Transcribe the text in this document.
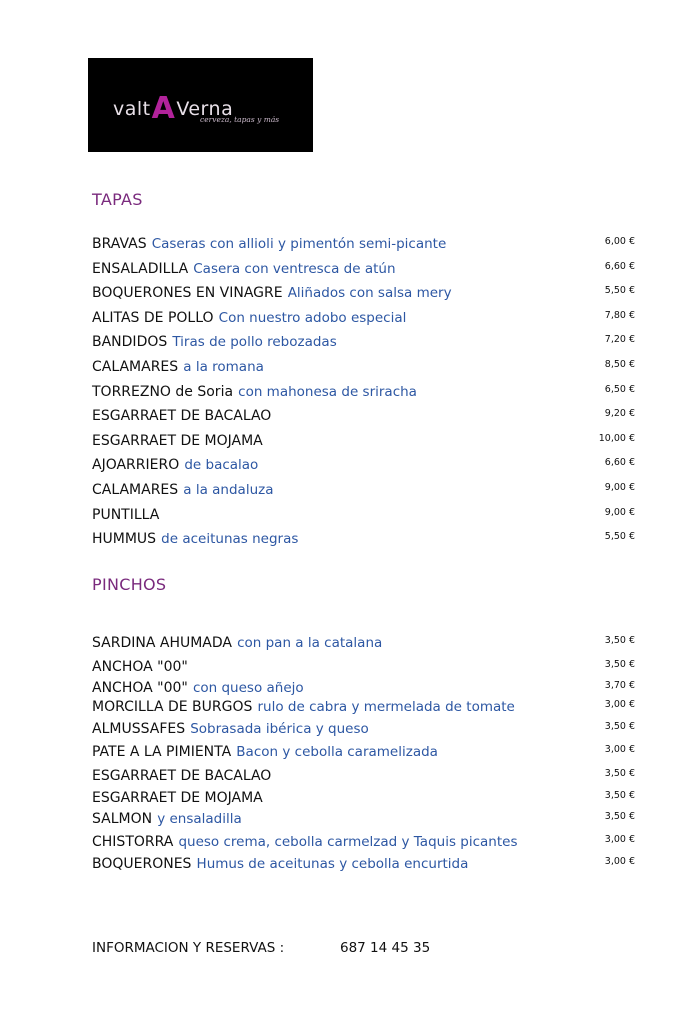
valtAVerna
cerveza, tapas y más
TAPAS
BRAVAS Caseras con allioli y pimentón semi-picante	6,00 €
ENSALADILLA Casera con ventresca de atún	6,60 €
BOQUERONES EN VINAGRE Aliñados con salsa mery	5,50 €
ALITAS DE POLLO Con nuestro adobo especial	7,80 €
BANDIDOS Tiras de pollo rebozadas	7,20 €
CALAMARES a la romana	8,50 €
TORREZNO de Soria con mahonesa de sriracha	6,50 €
ESGARRAET DE BACALAO	9,20 €
ESGARRAET DE MOJAMA	10,00 €
AJOARRIERO de bacalao	6,60 €
CALAMARES a la andaluza	9,00 €
PUNTILLA	9,00 €
HUMMUS de aceitunas negras	5,50 €
PINCHOS
SARDINA AHUMADA con pan a la catalana	3,50 €
ANCHOA "00"	3,50 €
ANCHOA "00" con queso añejo	3,70 €
MORCILLA DE BURGOS rulo de cabra y mermelada de tomate	3,00 €
ALMUSSAFES Sobrasada ibérica y queso	3,50 €
PATE A LA PIMIENTA Bacon y cebolla caramelizada	3,00 €
ESGARRAET DE BACALAO	3,50 €
ESGARRAET DE MOJAMA	3,50 €
SALMON y ensaladilla	3,50 €
CHISTORRA queso crema, cebolla carmelzad y Taquis picantes	3,00 €
BOQUERONES Humus de aceitunas y cebolla encurtida	3,00 €
INFORMACION Y RESERVAS :	687 14 45 35
